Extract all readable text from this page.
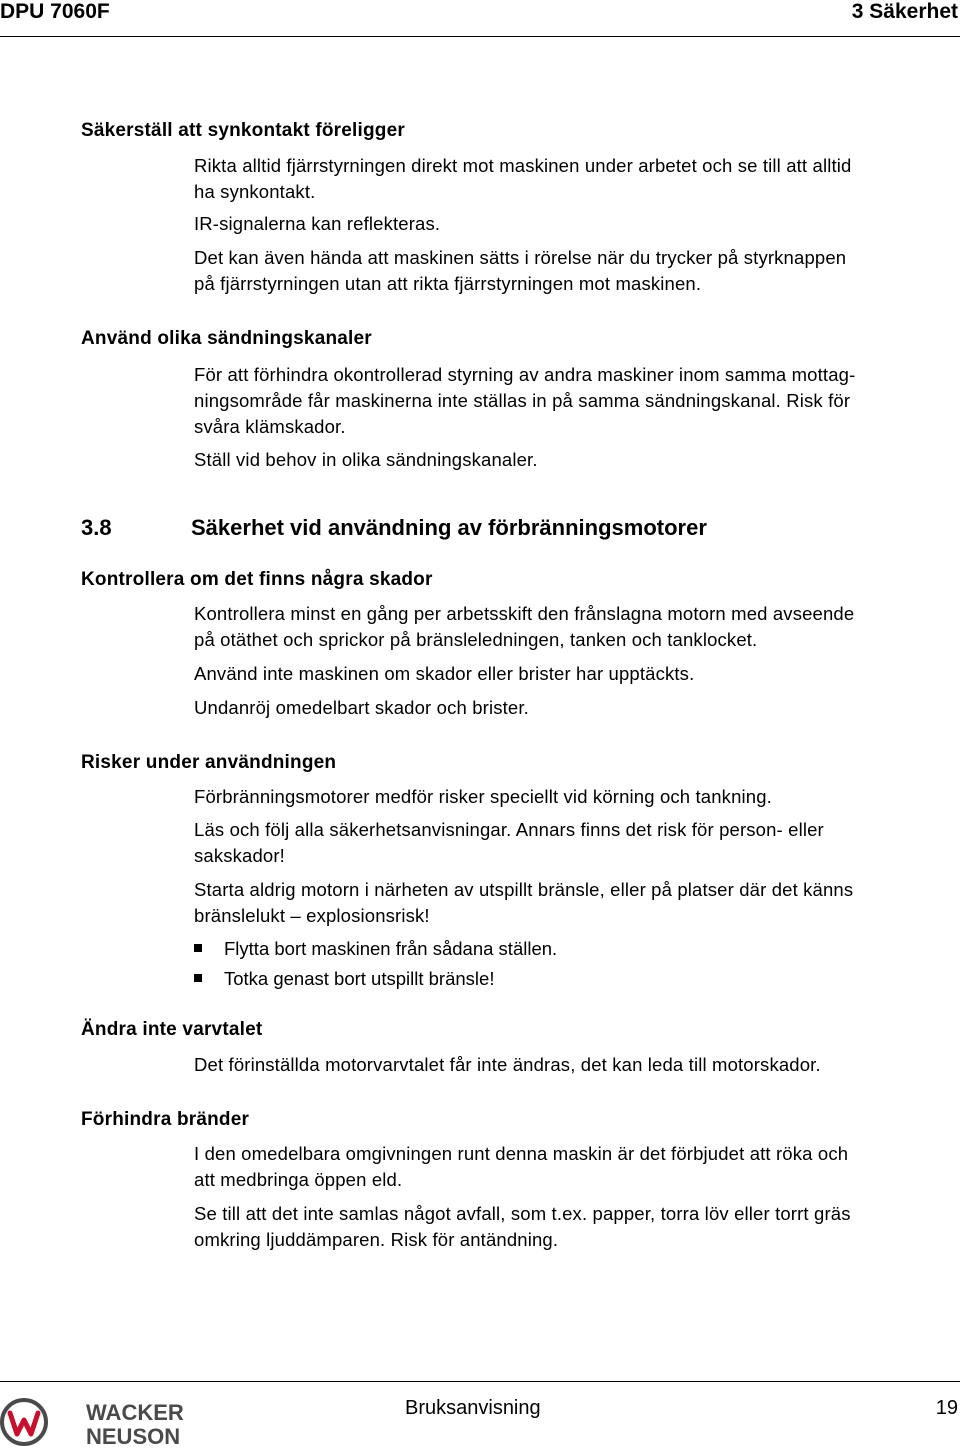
DPU 7060F	3 Säkerhet
Säkerställ att synkontakt föreligger
Rikta alltid fjärrstyrningen direkt mot maskinen under arbetet och se till att alltid
ha synkontakt.
IR-signalerna kan reflekteras.
Det kan även hända att maskinen sätts i rörelse när du trycker på styrknappen
på fjärrstyrningen utan att rikta fjärrstyrningen mot maskinen.
Använd olika sändningskanaler
För att förhindra okontrollerad styrning av andra maskiner inom samma mottag-
ningsområde får maskinerna inte ställas in på samma sändningskanal. Risk för
svåra klämskador.
Ställ vid behov in olika sändningskanaler.
3.8	Säkerhet vid användning av förbränningsmotorer
Kontrollera om det finns några skador
Kontrollera minst en gång per arbetsskift den frånslagna motorn med avseende
på otäthet och sprickor på bränsleledningen, tanken och tanklocket.
Använd inte maskinen om skador eller brister har upptäckts.
Undanröj omedelbart skador och brister.
Risker under användningen
Förbränningsmotorer medför risker speciellt vid körning och tankning.
Läs och följ alla säkerhetsanvisningar. Annars finns det risk för person- eller
sakskador!
Starta aldrig motorn i närheten av utspillt bränsle, eller på platser där det känns
bränslelukt – explosionsrisk!
Flytta bort maskinen från sådana ställen.
Totka genast bort utspillt bränsle!
Ändra inte varvtalet
Det förinställda motorvarvtalet får inte ändras, det kan leda till motorskador.
Förhindra bränder
I den omedelbara omgivningen runt denna maskin är det förbjudet att röka och
att medbringa öppen eld.
Se till att det inte samlas något avfall, som t.ex. papper, torra löv eller torrt gräs
omkring ljuddämparen. Risk för antändning.
WACKER
NEUSON
Bruksanvisning	19
